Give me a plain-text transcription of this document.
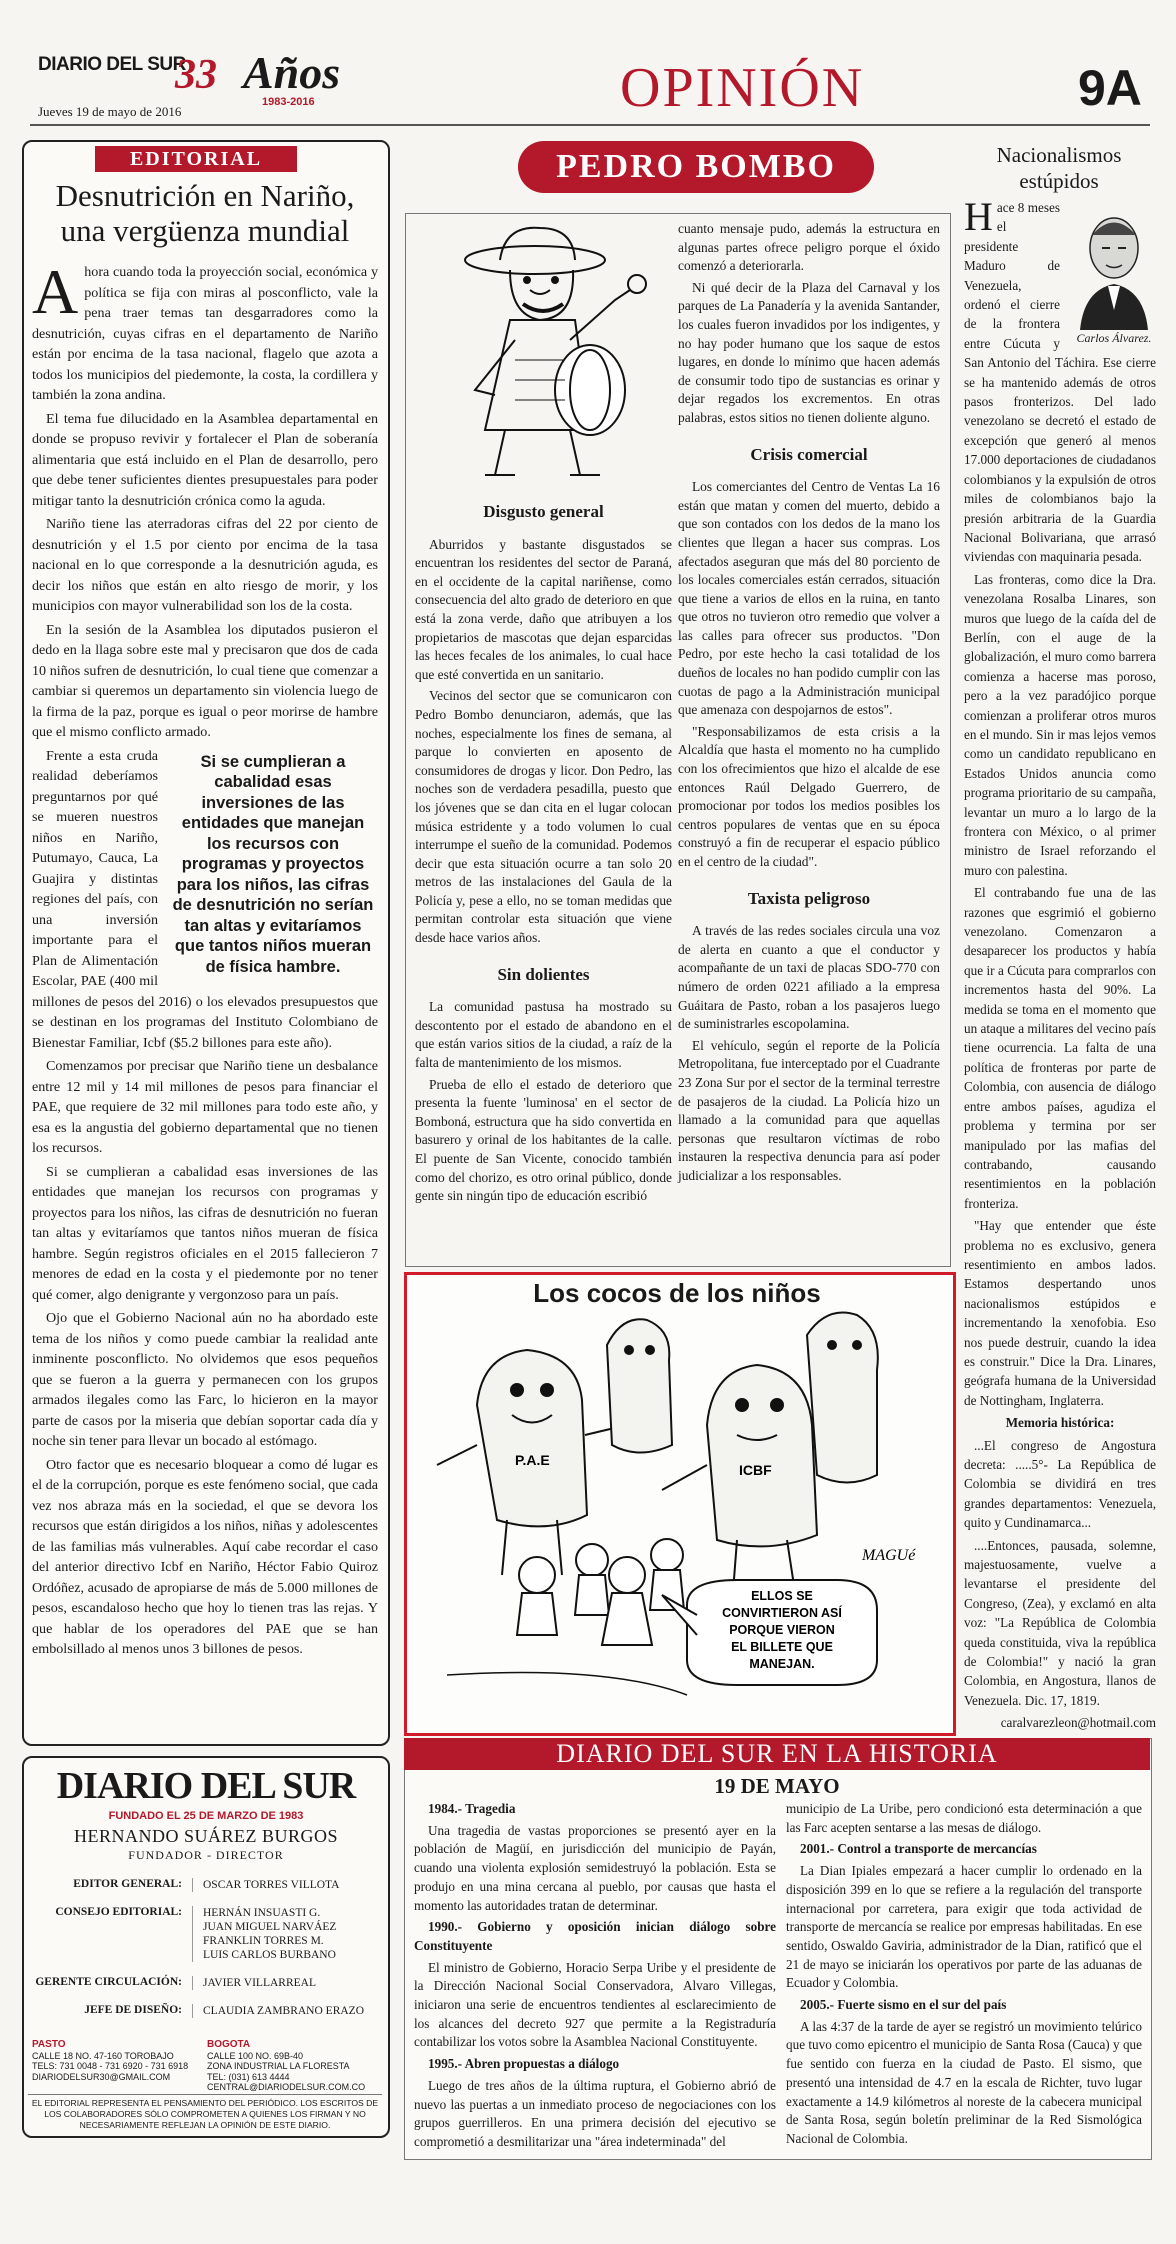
DIARIO DEL SUR
33 Años
1983-2016
Jueves 19 de mayo de 2016	OPINIÓN	9A
EDITORIAL
Desnutrición en Nariño, una vergüenza mundial

Ahora cuando toda la proyección social, económica y política se fija con miras al posconflicto, vale la pena traer temas tan desgarradores como la desnutrición, cuyas cifras en el departamento de Nariño están por encima de la tasa nacional, flagelo que azota a todos los municipios del piedemonte, la costa, la cordillera y también la zona andina.

El tema fue dilucidado en la Asamblea departamental en donde se propuso revivir y fortalecer el Plan de soberanía alimentaria que está incluido en el Plan de desarrollo, pero que debe tener suficientes dientes presupuestales para poder mitigar tanto la desnutrición crónica como la aguda.

Nariño tiene las aterradoras cifras del 22 por ciento de desnutrición y el 1.5 por ciento por encima de la tasa nacional en lo que corresponde a la desnutrición aguda, es decir los niños que están en alto riesgo de morir, y los municipios con mayor vulnerabilidad son los de la costa.

En la sesión de la Asamblea los diputados pusieron el dedo en la llaga sobre este mal y precisaron que dos de cada 10 niños sufren de desnutrición, lo cual tiene que comenzar a cambiar si queremos un departamento sin violencia luego de la firma de la paz, porque es igual o peor morirse de hambre que el mismo conflicto armado.

Si se cumplieran a cabalidad esas inversiones de las entidades que manejan los recursos con programas y proyectos para los niños, las cifras de desnutrición no serían tan altas y evitaríamos que tantos niños mueran de física hambre.

Frente a esta cruda realidad deberíamos preguntarnos por qué se mueren nuestros niños en Nariño, Putumayo, Cauca, La Guajira y distintas regiones del país, con una inversión importante para el Plan de Alimentación Escolar, PAE (400 mil millones de pesos del 2016) o los elevados presupuestos que se destinan en los programas del Instituto Colombiano de Bienestar Familiar, Icbf ($5.2 billones para este año).

Comenzamos por precisar que Nariño tiene un desbalance entre 12 mil y 14 mil millones de pesos para financiar el PAE, que requiere de 32 mil millones para todo este año, y esa es la angustia del gobierno departamental que no tienen los recursos.

Si se cumplieran a cabalidad esas inversiones de las entidades que manejan los recursos con programas y proyectos para los niños, las cifras de desnutrición no fueran tan altas y evitaríamos que tantos niños mueran de física hambre. Según registros oficiales en el 2015 fallecieron 7 menores de edad en la costa y el piedemonte por no tener qué comer, algo denigrante y vergonzoso para un país.

Ojo que el Gobierno Nacional aún no ha abordado este tema de los niños y como puede cambiar la realidad ante inminente posconflicto. No olvidemos que esos pequeños que se fueron a la guerra y permanecen con los grupos armados ilegales como las Farc, lo hicieron en la mayor parte de casos por la miseria que debían soportar cada día y noche sin tener para llevar un bocado al estómago.

Otro factor que es necesario bloquear a como dé lugar es el de la corrupción, porque es este fenómeno social, que cada vez nos abraza más en la sociedad, el que se devora los recursos que están dirigidos a los niños, niñas y adolescentes de las familias más vulnerables. Aquí cabe recordar el caso del anterior directivo Icbf en Nariño, Héctor Fabio Quiroz Ordóñez, acusado de apropiarse de más de 5.000 millones de pesos, escandaloso hecho que hoy lo tienen tras las rejas. Y que hablar de los operadores del PAE que se han embolsillado al menos unos 3 billones de pesos.

DIARIO DEL SUR
FUNDADO EL 25 DE MARZO DE 1983
HERNANDO SUÁREZ BURGOS
FUNDADOR - DIRECTOR
EDITOR GENERAL:	OSCAR TORRES VILLOTA
CONSEJO EDITORIAL:	HERNÁN INSUASTI G.
JUAN MIGUEL NARVÁEZ
FRANKLIN TORRES M.
LUIS CARLOS BURBANO
GERENTE CIRCULACIÓN:	JAVIER VILLARREAL
JEFE DE DISEÑO:	CLAUDIA ZAMBRANO ERAZO
PASTO
CALLE 18 NO. 47-160 TOROBAJO
TELS: 731 0048 - 731 6920 - 731 6918
DIARIODELSUR30@GMAIL.COM
BOGOTA
CALLE 100 NO. 69B-40
ZONA INDUSTRIAL LA FLORESTA
TEL: (031) 613 4444
CENTRAL@DIARIODELSUR.COM.CO
EL EDITORIAL REPRESENTA EL PENSAMIENTO DEL PERIÓDICO. LOS ESCRITOS DE LOS COLABORADORES SÓLO COMPROMETEN A QUIENES LOS FIRMAN Y NO NECESARIAMENTE REFLEJAN LA OPINIÓN DE ESTE DIARIO.
PEDRO BOMBO

Disgusto general

Aburridos y bastante disgustados se encuentran los residentes del sector de Paraná, en el occidente de la capital nariñense, como consecuencia del alto grado de deterioro en que está la zona verde, daño que atribuyen a los propietarios de mascotas que dejan esparcidas las heces fecales de los animales, lo cual hace que esté convertida en un sanitario.

Vecinos del sector que se comunicaron con Pedro Bombo denunciaron, además, que las noches, especialmente los fines de semana, al parque lo convierten en aposento de consumidores de drogas y licor. Don Pedro, las noches son de verdadera pesadilla, puesto que los jóvenes que se dan cita en el lugar colocan música estridente y a todo volumen lo cual interrumpe el sueño de la comunidad. Podemos decir que esta situación ocurre a tan solo 20 metros de las instalaciones del Gaula de la Policía y, pese a ello, no se toman medidas que permitan controlar esta situación que viene desde hace varios años.

Sin dolientes

La comunidad pastusa ha mostrado su descontento por el estado de abandono en el que están varios sitios de la ciudad, a raíz de la falta de mantenimiento de los mismos.

Prueba de ello el estado de deterioro que presenta la fuente 'luminosa' en el sector de Bomboná, estructura que ha sido convertida en basurero y orinal de los habitantes de la calle. El puente de San Vicente, conocido también como del chorizo, es otro orinal público, donde gente sin ningún tipo de educación escribió

cuanto mensaje pudo, además la estructura en algunas partes ofrece peligro porque el óxido comenzó a deteriorarla.

Ni qué decir de la Plaza del Carnaval y los parques de La Panadería y la avenida Santander, los cuales fueron invadidos por los indigentes, y no hay poder humano que los saque de estos lugares, en donde lo mínimo que hacen además de consumir todo tipo de sustancias es orinar y dejar regados los excrementos. En otras palabras, estos sitios no tienen doliente alguno.

Crisis comercial

Los comerciantes del Centro de Ventas La 16 están que matan y comen del muerto, debido a que son contados con los dedos de la mano los clientes que llegan a hacer sus compras. Los afectados aseguran que más del 80 porciento de los locales comerciales están cerrados, situación que tiene a varios de ellos en la ruina, en tanto que otros no tuvieron otro remedio que volver a las calles para ofrecer sus productos. "Don Pedro, por este hecho la casi totalidad de los dueños de locales no han podido cumplir con las cuotas de pago a la Administración municipal que amenaza con despojarnos de estos".

"Responsabilizamos de esta crisis a la Alcaldía que hasta el momento no ha cumplido con los ofrecimientos que hizo el alcalde de ese entonces Raúl Delgado Guerrero, de promocionar por todos los medios posibles los centros populares de ventas que en su época construyó a fin de recuperar el espacio público en el centro de la ciudad".

Taxista peligroso

A través de las redes sociales circula una voz de alerta en cuanto a que el conductor y acompañante de un taxi de placas SDO-770 con número de orden 0221 afiliado a la empresa Guáitara de Pasto, roban a los pasajeros luego de suministrarles escopolamina.

El vehículo, según el reporte de la Policía Metropolitana, fue interceptado por el Cuadrante 23 Zona Sur por el sector de la terminal terrestre de pasajeros de la ciudad. La Policía hizo un llamado a la comunidad para que aquellas personas que resultaron víctimas de robo instauren la respectiva denuncia para así poder judicializar a los responsables.

P.A.E
ICBF
ELLOS SE
CONVIRTIERON ASÍ
PORQUE VIERON
EL BILLETE QUE
MANEJAN.
MAGUé
Los cocos de los niños
Nacionalismos estúpidos

Hace 8 meses el presidente Maduro de Venezuela, ordenó el cierre de la frontera entre Cúcuta y San Antonio del Táchira. Ese cierre se ha mantenido además de otros pasos fronterizos. Del lado venezolano se decretó el estado de excepción que generó al menos 17.000 deportaciones de ciudadanos colombianos y la expulsión de otros miles de colombianos bajo la presión arbitraria de la Guardia Nacional Bolivariana, que arrasó viviendas con maquinaria pesada.

Las fronteras, como dice la Dra. venezolana Rosalba Linares, son muros que luego de la caída del de Berlín, con el auge de la globalización, el muro como barrera comienza a hacerse mas poroso, pero a la vez paradójico porque comienzan a proliferar otros muros en el mundo. Sin ir mas lejos vemos como un candidato republicano en Estados Unidos anuncia como programa prioritario de su campaña, levantar un muro a lo largo de la frontera con México, o al primer ministro de Israel reforzando el muro con palestina.

El contrabando fue una de las razones que esgrimió el gobierno venezolano. Comenzaron a desaparecer los productos y había que ir a Cúcuta para comprarlos con incrementos hasta del 90%. La medida se toma en el momento que un ataque a militares del vecino país tiene ocurrencia. La falta de una política de fronteras por parte de Colombia, con ausencia de diálogo entre ambos países, agudiza el problema y termina por ser manipulado por las mafias del contrabando, causando resentimientos en la población fronteriza.

"Hay que entender que éste problema no es exclusivo, genera resentimiento en ambos lados. Estamos despertando unos nacionalismos estúpidos e incrementando la xenofobia. Eso nos puede destruir, cuando la idea es construir." Dice la Dra. Linares, geógrafa humana de la Universidad de Nottingham, Inglaterra.

Memoria histórica:

...El congreso de Angostura decreta: .....5°- La República de Colombia se dividirá en tres grandes departamentos: Venezuela, quito y Cundinamarca...

....Entonces, pausada, solemne, majestuosamente, vuelve a levantarse el presidente del Congreso, (Zea), y exclamó en alta voz: "La República de Colombia queda constituida, viva la república de Colombia!" y nació la gran Colombia, en Angostura, llanos de Venezuela. Dic. 17, 1819.

caralvarezleon@hotmail.com

Carlos Álvarez.
DIARIO DEL SUR EN LA HISTORIA
19 DE MAYO

1984.- Tragedia

Una tragedia de vastas proporciones se presentó ayer en la población de Magüí, en jurisdicción del municipio de Payán, cuando una violenta explosión semidestruyó la población. Esta se produjo en una mina cercana al pueblo, por causas que hasta el momento las autoridades tratan de determinar.

1990.- Gobierno y oposición inician diálogo sobre Constituyente

El ministro de Gobierno, Horacio Serpa Uribe y el presidente de la Dirección Nacional Social Conservadora, Alvaro Villegas, iniciaron una serie de encuentros tendientes al esclarecimiento de los alcances del decreto 927 que permite a la Registraduría contabilizar los votos sobre la Asamblea Nacional Constituyente.

1995.- Abren propuestas a diálogo

Luego de tres años de la última ruptura, el Gobierno abrió de nuevo las puertas a un inmediato proceso de negociaciones con los grupos guerrilleros. En una primera decisión del ejecutivo se comprometió a desmilitarizar una "área indeterminada" del

municipio de La Uribe, pero condicionó esta determinación a que las Farc acepten sentarse a las mesas de diálogo.

2001.- Control a transporte de mercancías

La Dian Ipiales empezará a hacer cumplir lo ordenado en la disposición 399 en lo que se refiere a la regulación del transporte internacional por carretera, para exigir que toda actividad de transporte de mercancía se realice por empresas habilitadas. En ese sentido, Oswaldo Gaviria, administrador de la Dian, ratificó que el 21 de mayo se iniciarán los operativos por parte de las aduanas de Ecuador y Colombia.

2005.- Fuerte sismo en el sur del país

A las 4:37 de la tarde de ayer se registró un movimiento telúrico que tuvo como epicentro el municipio de Santa Rosa (Cauca) y que fue sentido con fuerza en la ciudad de Pasto. El sismo, que presentó una intensidad de 4.7 en la escala de Richter, tuvo lugar exactamente a 14.9 kilómetros al noreste de la cabecera municipal de Santa Rosa, según boletín preliminar de la Red Sismológica Nacional de Colombia.
